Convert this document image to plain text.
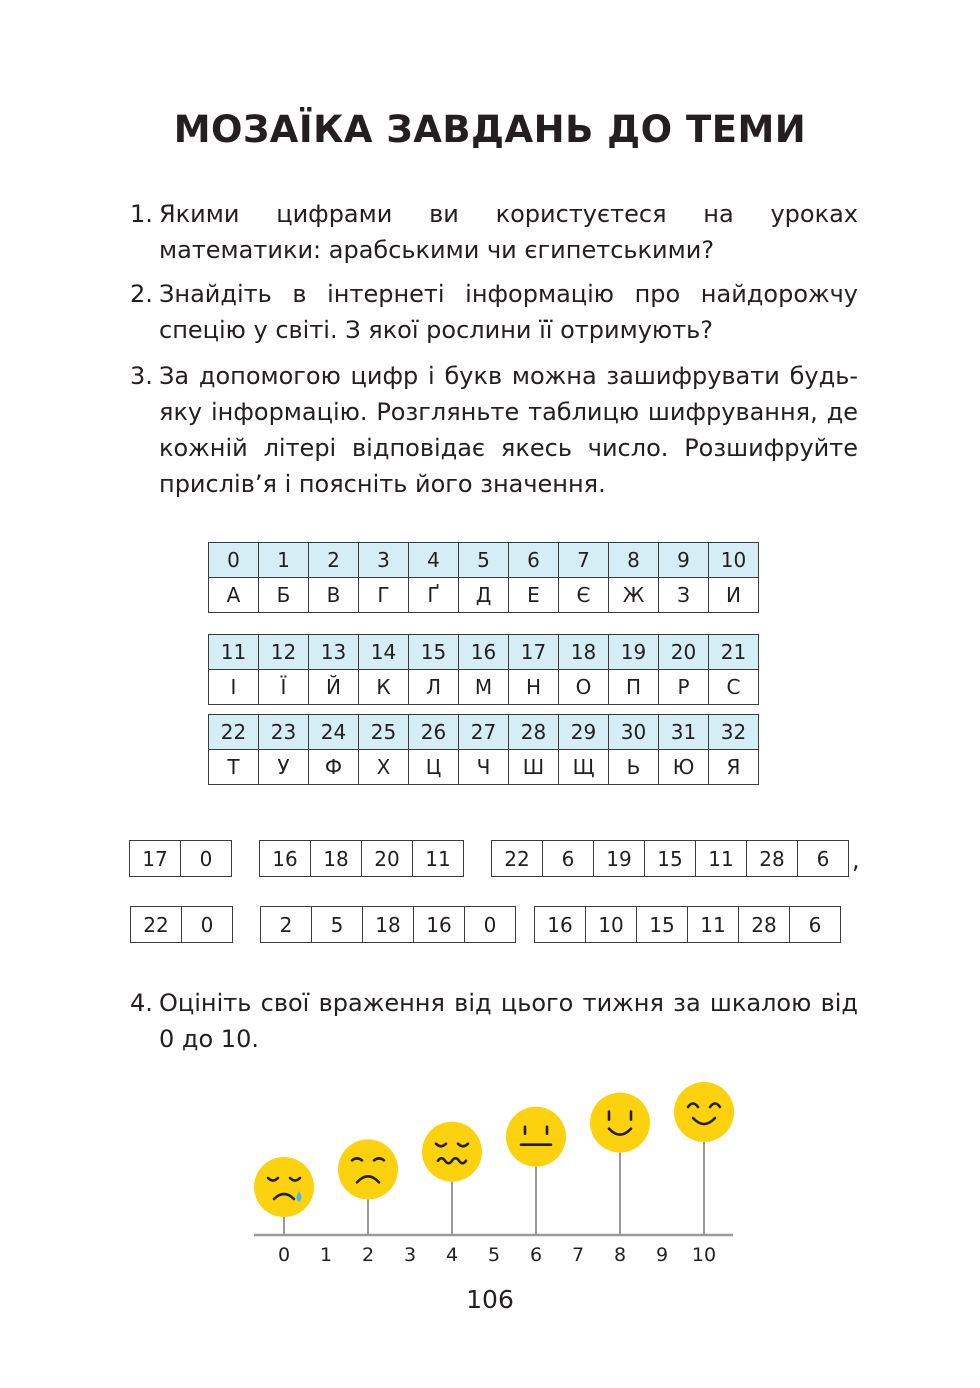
МОЗАЇКА ЗАВДАНЬ ДО ТЕМИ
1. Якими цифрами ви користуєтеся на уроках математики: арабськими чи єгипетськими?
2. Знайдіть в інтернеті інформацію про найдорожчу спецію у світі. З якої рослини її отримують?
3. За допомогою цифр і букв можна зашифрувати будь-яку інформацію. Розгляньте таблицю шифрування, де кожній літері відповідає якесь число. Розшифруйте прислів’я і поясніть його значення.
0	1	2	3	4	5	6	7	8	9	10
А	Б	В	Г	Ґ	Д	Е	Є	Ж	З	И
11	12	13	14	15	16	17	18	19	20	21
І	Ї	Й	К	Л	М	Н	О	П	Р	С
22	23	24	25	26	27	28	29	30	31	32
Т	У	Ф	Х	Ц	Ч	Ш	Щ	Ь	Ю	Я
17	0	16	18	20	11	22	6	19	15	11	28	6
22	0	2	5	18	16	0	16	10	15	11	28	6
,
4. Оцініть свої враження від цього тижня за шкалою від 0 до 10.
0 1 2 3 4 5 6 7 8 9 10
106
